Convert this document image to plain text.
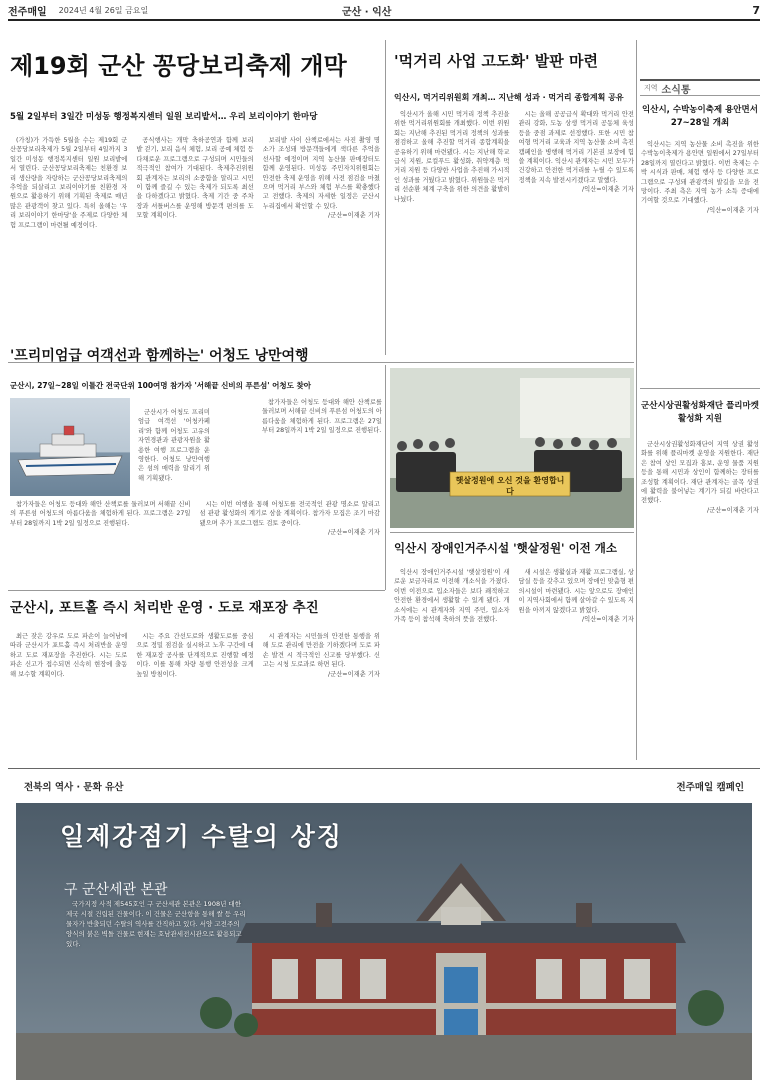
전주매일 2024년 4월 26일 금요일	군산 · 익산	7
제19회 군산 꽁당보리축제 개막
5월 2일부터 3일간 미성동 행정복지센터 일원 보리밭서… 우리 보리이야기 한마당

(가칭)가 가득한 5월을 수는 제19회 군산꽁당보리축제가 5월 2일부터 4일까지 3일간 미성동 행정복지센터 일원 보리밭에서 열린다. 군산꽁당보리축제는 친환경 보리 생산량을 자랑하는 군산꽁당보리축제의 추억을 되살리고 보리이야기를 친환경 자원으로 활용하기 위해 기획된 축제로 매년 많은 관광객이 찾고 있다. 특히 올해는 '우리 보리이야기 한마당'을 주제로 다양한 체험 프로그램이 마련될 예정이다.

공식행사는 개막 축하공연과 함께 보리밭 걷기, 보리 음식 체험, 보리 공예 체험 등 다채로운 프로그램으로 구성되며 시민들의 적극적인 참여가 기대된다. 축제추진위원회 관계자는 보리의 소중함을 알리고 시민이 함께 즐길 수 있는 축제가 되도록 최선을 다하겠다고 밝혔다. 축제 기간 중 주차장과 셔틀버스를 운영해 방문객 편의를 도모할 계획이다.

보리밭 사이 산책로에서는 사진 촬영 명소가 조성돼 방문객들에게 색다른 추억을 선사할 예정이며 지역 농산물 판매장터도 함께 운영된다. 미성동 주민자치위원회는 안전한 축제 운영을 위해 사전 점검을 마쳤으며 먹거리 부스와 체험 부스를 확충했다고 전했다. 축제의 자세한 일정은 군산시 누리집에서 확인할 수 있다.

/군산=이재춘 기자

'먹거리 사업 고도화' 발판 마련
익산시, 먹거리위원회 개최… 지난해 성과 · 먹거리 종합계획 공유

익산시가 올해 시민 먹거리 정책 추진을 위한 먹거리위원회를 개최했다. 이번 위원회는 지난해 추진된 먹거리 정책의 성과를 점검하고 올해 추진할 먹거리 종합계획을 공유하기 위해 마련됐다. 시는 지난해 학교급식 지원, 로컬푸드 활성화, 취약계층 먹거리 지원 등 다양한 사업을 추진해 가시적인 성과를 거뒀다고 밝혔다. 위원들은 먹거리 선순환 체계 구축을 위한 의견을 활발히 나눴다.

시는 올해 공공급식 확대와 먹거리 안전관리 강화, 도농 상생 먹거리 공동체 육성 등을 중점 과제로 선정했다. 또한 시민 참여형 먹거리 교육과 지역 농산물 소비 촉진 캠페인을 병행해 먹거리 기본권 보장에 힘쓸 계획이다. 익산시 관계자는 시민 모두가 건강하고 안전한 먹거리를 누릴 수 있도록 정책을 지속 발전시키겠다고 말했다.

/익산=이재춘 기자

지역 소식통
익산시, 수박농이축제 용안면서 27~28일 개최

익산시는 지역 농산물 소비 촉진을 위한 수박농이축제가 용안면 일원에서 27일부터 28일까지 열린다고 밝혔다. 이번 축제는 수박 시식과 판매, 체험 행사 등 다양한 프로그램으로 구성돼 관광객의 발길을 모을 전망이다. 주최 측은 지역 농가 소득 증대에 기여할 것으로 기대했다.

/익산=이재춘 기자

군산시상권활성화재단 플리마켓 활성화 지원

군산시상권활성화재단이 지역 상권 활성화를 위해 플리마켓 운영을 지원한다. 재단은 참여 상인 모집과 홍보, 운영 물품 지원 등을 통해 시민과 상인이 함께하는 장터를 조성할 계획이다. 재단 관계자는 골목 상권에 활력을 불어넣는 계기가 되길 바란다고 전했다.

/군산=이재춘 기자

'프리미엄급 여객선과 함께하는' 어청도 낭만여행
군산시, 27일~28일 이틀간 전국단위 100여명 참가자 '서해끝 신비의 푸른섬' 어청도 찾아

군산시가 어청도 프리미엄급 여객선 '어청카페리'와 함께 어청도 고유의 자연경관과 관광자원을 활용한 여행 프로그램을 운영한다. 어청도 낭만여행은 섬의 매력을 알리기 위해 기획됐다.

참가자들은 어청도 등대와 해안 산책로를 둘러보며 서해끝 신비의 푸른섬 어청도의 아름다움을 체험하게 된다. 프로그램은 27일부터 28일까지 1박 2일 일정으로 진행된다.

시는 이번 여행을 통해 어청도를 전국적인 관광 명소로 알리고 섬 관광 활성화의 계기로 삼을 계획이다. 참가자 모집은 조기 마감됐으며 추가 프로그램도 검토 중이다.

/군산=이재춘 기자

참가자들은 어청도 등대와 해안 산책로를 둘러보며 서해끝 신비의 푸른섬 어청도의 아름다움을 체험하게 된다. 프로그램은 27일부터 28일까지 1박 2일 일정으로 진행된다.

햇살정원에 오신 것을 환영합니다
익산시 장애인거주시설 '햇살정원' 이전 개소

익산시 장애인거주시설 '햇살정원'이 새로운 보금자리로 이전해 개소식을 가졌다. 이번 이전으로 입소자들은 보다 쾌적하고 안전한 환경에서 생활할 수 있게 됐다. 개소식에는 시 관계자와 지역 주민, 입소자 가족 등이 참석해 축하의 뜻을 전했다.

새 시설은 생활실과 재활 프로그램실, 상담실 등을 갖추고 있으며 장애인 맞춤형 편의시설이 마련됐다. 시는 앞으로도 장애인이 지역사회에서 함께 살아갈 수 있도록 지원을 아끼지 않겠다고 밝혔다.

/익산=이재춘 기자

군산시, 포트홀 즉시 처리반 운영 · 도로 재포장 추진

최근 잦은 강우로 도로 파손이 늘어남에 따라 군산시가 포트홀 즉시 처리반을 운영하고 도로 재포장을 추진한다. 시는 도로 파손 신고가 접수되면 신속히 현장에 출동해 보수할 계획이다.

시는 주요 간선도로와 생활도로를 중심으로 정밀 점검을 실시하고 노후 구간에 대한 재포장 공사를 단계적으로 진행할 예정이다. 이를 통해 차량 통행 안전성을 크게 높일 방침이다.

시 관계자는 시민들의 안전한 통행을 위해 도로 관리에 만전을 기하겠다며 도로 파손 발견 시 적극적인 신고를 당부했다. 신고는 시청 도로과로 하면 된다.

/군산=이재춘 기자

전북의 역사 · 문화 유산	전주매일 캠페인
일제강점기 수탈의 상징
구 군산세관 본관

국가지정 사적 제545호인 구 군산세관 본관은 1908년 대한제국 시절 건립된 건물이다. 이 건물은 군산항을 통해 쌀 등 우리 물자가 반출되던 수탈의 역사를 간직하고 있다. 서양 고전주의 양식의 붉은 벽돌 건물로 현재는 호남관세전시관으로 활용되고 있다.
